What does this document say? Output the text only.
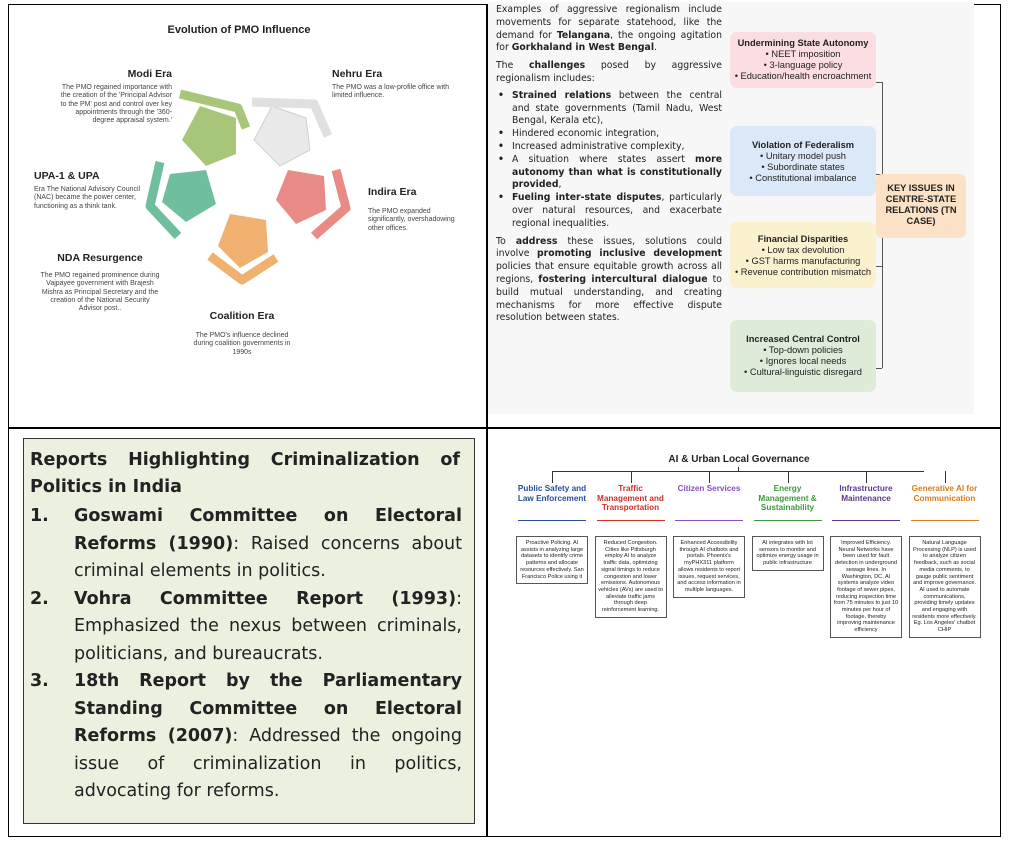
Evolution of PMO Influence
Modi Era
The PMO regained importance with the creation of the 'Principal Advisor to the PM' post and control over key appointments through the '360-degree appraisal system.'
Nehru Era
The PMO was a low-profile office with limited influence.
UPA-1 & UPA
Era The National Advisory Council (NAC) became the power center, functioning as a think tank.
Indira Era
The PMO expanded significantly, overshadowing other offices.
NDA Resurgence
The PMO regained prominence during Vajpayee government with Brajesh Mishra as Principal Secretary and the creation of the National Security Advisor post..
Coalition Era
The PMO's influence declined during coalition governments in 1990s

Examples of aggressive regionalism include movements for separate statehood, like the demand for Telangana, the ongoing agitation for Gorkhaland in West Bengal.

The challenges posed by aggressive regionalism includes:

• Strained relations between the central and state governments (Tamil Nadu, West Bengal, Kerala etc),
• Hindered economic integration,
• Increased administrative complexity,
• A situation where states assert more autonomy than what is constitutionally provided,
• Fueling inter-state disputes, particularly over natural resources, and exacerbate regional inequalities.

To address these issues, solutions could involve promoting inclusive development policies that ensure equitable growth across all regions, fostering intercultural dialogue to build mutual understanding, and creating mechanisms for more effective dispute resolution between states.

Undermining State Autonomy
• NEET imposition
• 3-language policy
• Education/health encroachment
Violation of Federalism
• Unitary model push
• Subordinate states
• Constitutional imbalance
Financial Disparities
• Low tax devolution
• GST harms manufacturing
• Revenue contribution mismatch
Increased Central Control
• Top-down policies
• Ignores local needs
• Cultural-linguistic disregard
KEY ISSUES IN CENTRE-STATE RELATIONS (TN CASE)
Reports Highlighting Criminalization of Politics in India
1. Goswami Committee on Electoral Reforms (1990): Raised concerns about criminal elements in politics.
2. Vohra Committee Report (1993): Emphasized the nexus between criminals, politicians, and bureaucrats.
3. 18th Report by the Parliamentary Standing Committee on Electoral Reforms (2007): Addressed the ongoing issue of criminalization in politics, advocating for reforms.
AI & Urban Local Governance
Public Safety and Law Enforcement
Proactive Policing. AI assists in analyzing large datasets to identify crime patterns and allocate resources effectively. San Francisco Police using it
Traffic Management and Transportation
Reduced Congestion. Cities like Pittsburgh employ AI to analyze traffic data, optimizing signal timings to reduce congestion and lower emissions. Autonomous vehicles (AVs) are used to alleviate traffic jams through deep reinforcement learning.
Citizen Services
Enhanced Accessibility through AI chatbots and portals. Phoenix's myPHX311 platform allows residents to report issues, request services, and access information in multiple languages.
Energy Management & Sustainability
AI integrates with Iot sensors to monitor and optimize energy usage in public infrastructure
Infrastructure Maintenance
Improved Efficiency. Neural Networks have been used for fault detection in underground sewage lines. In Washington, DC, AI systems analyze video footage of sewer pipes, reducing inspection time from 75 minutes to just 10 minutes per hour of footage, thereby improving maintenance efficiency
Generative AI for Communication
Natural Language Processing (NLP) is used to analyze citizen feedback, such as social media comments, to gauge public sentiment and improve governance. AI used to automate communications, providing timely updates and engaging with residents more effectively. Eg. Los Angeles' chatbot CHIP
